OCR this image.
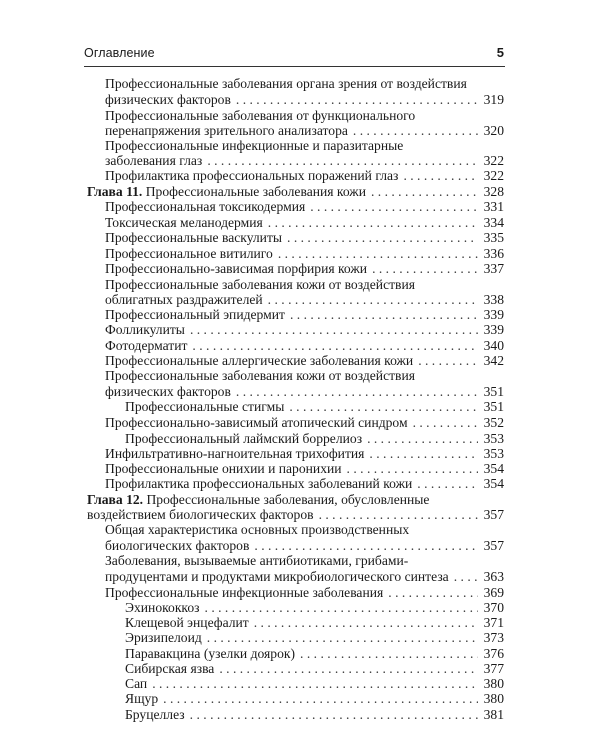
Оглавление	5
Профессиональные заболевания органа зрения от воздействия
физических факторов . . .	319
Профессиональные заболевания от функционального
перенапряжения зрительного анализатора . . .	320
Профессиональные инфекционные и паразитарные
заболевания глаз . . .	322
Профилактика профессиональных поражений глаз . . .	322
Глава 11. Профессиональные заболевания кожи . . .	328
Профессиональная токсикодермия . . .	331
Токсическая меланодермия . . .	334
Профессиональные васкулиты . . .	335
Профессиональное витилиго . . .	336
Профессионально-зависимая порфирия кожи . . .	337
Профессиональные заболевания кожи от воздействия
облигатных раздражителей . . .	338
Профессиональный эпидермит . . .	339
Фолликулиты . . .	339
Фотодерматит . . .	340
Профессиональные аллергические заболевания кожи . . .	342
Профессиональные заболевания кожи от воздействия
физических факторов . . .	351
Профессиональные стигмы . . .	351
Профессионально-зависимый атопический синдром . . .	352
Профессиональный лаймский боррелиоз . . .	353
Инфильтративно-нагноительная трихофития . . .	353
Профессиональные онихии и паронихии . . .	354
Профилактика профессиональных заболеваний кожи . . .	354
Глава 12. Профессиональные заболевания, обусловленные
воздействием биологических факторов . . .	357
Общая характеристика основных производственных
биологических факторов . . .	357
Заболевания, вызываемые антибиотиками, грибами-
продуцентами и продуктами микробиологического синтеза . . .	363
Профессиональные инфекционные заболевания . . .	369
Эхинококкоз . . .	370
Клещевой энцефалит . . .	371
Эризипелоид . . .	373
Паравакцина (узелки доярок) . . .	376
Сибирская язва . . .	377
Сап . . .	380
Ящур . . .	380
Бруцеллез . . .	381
